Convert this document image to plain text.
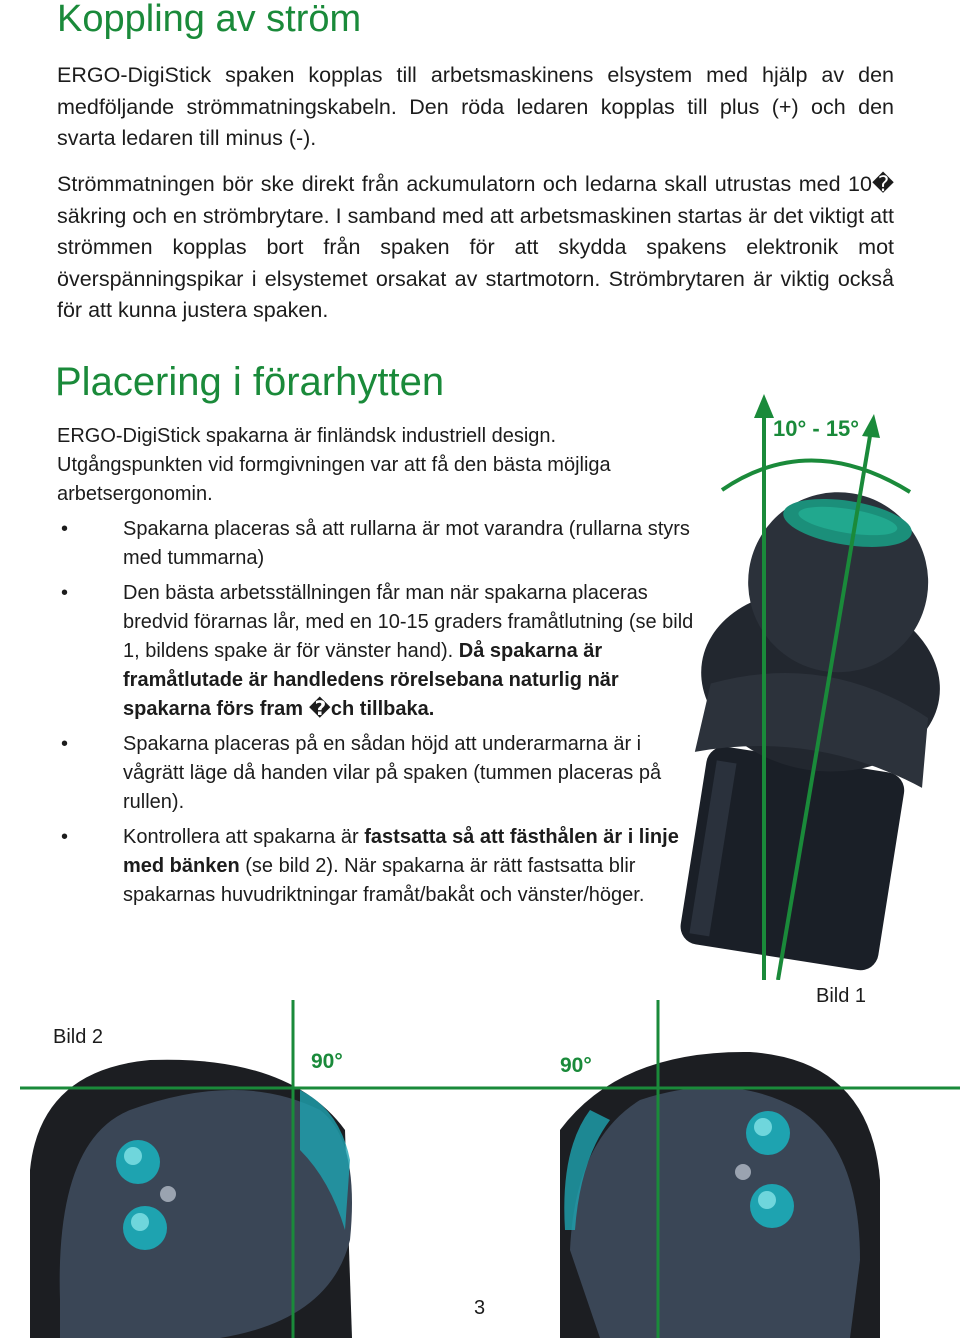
Koppling av ström

ERGO-DigiStick spaken kopplas till arbetsmaskinens elsystem med hjälp av den medföljande strömmatningskabeln. Den röda ledaren kopplas till plus (+) och den svarta ledaren till minus (-).

Strömmatningen bör ske direkt från ackumulatorn och ledarna skall utrustas med 10� säkring och en strömbrytare. I samband med att arbetsmaskinen startas är det viktigt att strömmen kopplas bort från spaken för att skydda spakens elektronik mot överspänningspikar i elsystemet orsakat av startmotorn. Strömbrytaren är viktig också för att kunna justera spaken.

Placering i förarhytten

ERGO-DigiStick spakarna är finländsk industriell design. Utgångspunkten vid formgivningen var att få den bästa möjliga arbetsergonomin.

•	Spakarna placeras så att rullarna är mot varandra (rullarna styrs med tummarna)
•	Den bästa arbetsställningen får man när spakarna placeras bredvid förarnas lår, med en 10-15 graders framåtlutning (se bild 1, bildens spake är för vänster hand). Då spakarna är framåtlutade är handledens rörelsebana naturlig när spakarna förs fram �ch tillbaka.
•	Spakarna placeras på en sådan höjd att underarmarna är i vågrätt läge då handen vilar på spaken (tummen placeras på rullen).
•	Kontrollera att spakarna är fastsatta så att fästhålen är i linje med bänken (se bild 2). När spakarna är rätt fastsatta blir spakarnas huvudriktningar framåt/bakåt och vänster/höger.
10° - 15°
Bild 1
Bild 2
90°	90°
3
